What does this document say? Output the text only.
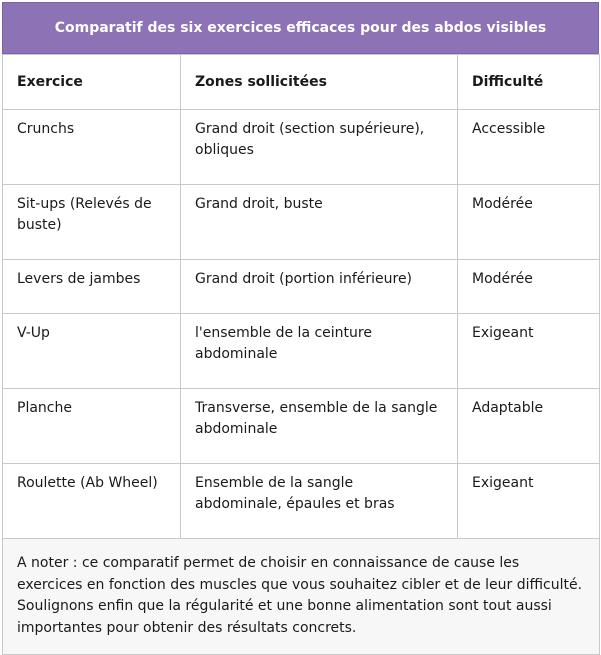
Comparatif des six exercices efficaces pour des abdos visibles
Exercice	Zones sollicitées	Difficulté
Crunchs	Grand droit (section supérieure), obliques	Accessible
Sit-ups (Relevés de buste)	Grand droit, buste	Modérée
Levers de jambes	Grand droit (portion inférieure)	Modérée
V-Up	l'ensemble de la ceinture abdominale	Exigeant
Planche	Transverse, ensemble de la sangle abdominale	Adaptable
Roulette (Ab Wheel)	Ensemble de la sangle abdominale, épaules et bras	Exigeant
A noter : ce comparatif permet de choisir en connaissance de cause les exercices en fonction des muscles que vous souhaitez cibler et de leur difficulté. Soulignons enfin que la régularité et une bonne alimentation sont tout aussi importantes pour obtenir des résultats concrets.		
